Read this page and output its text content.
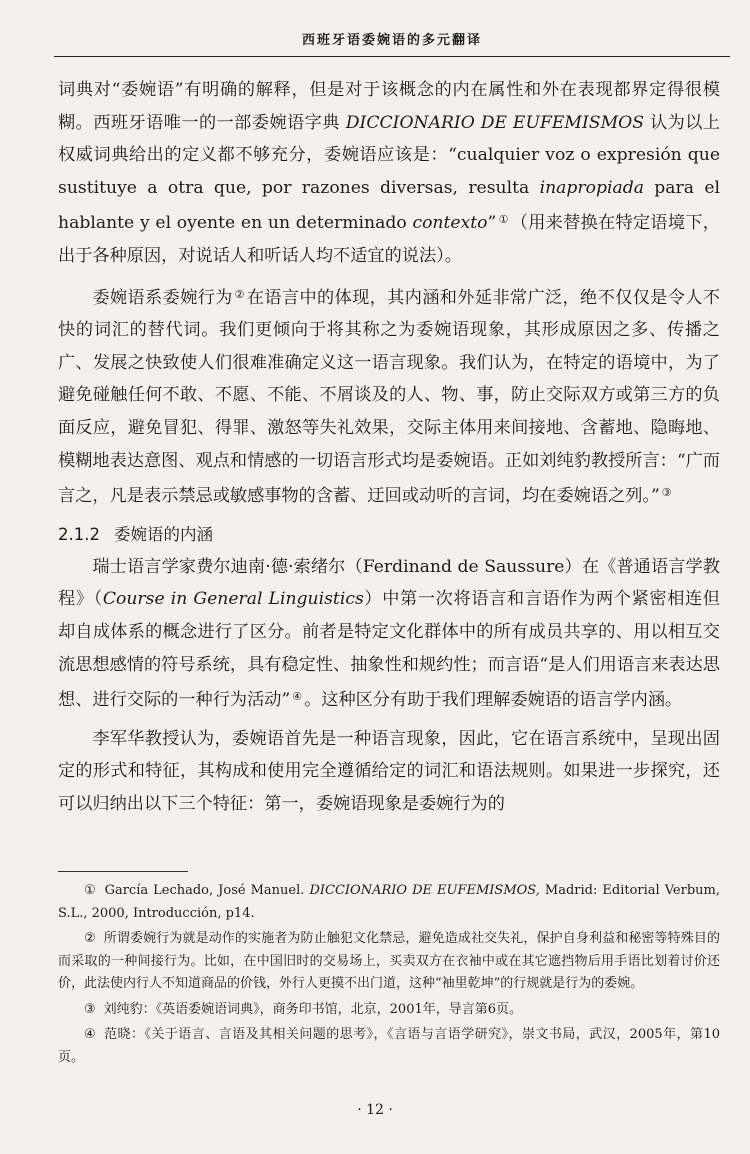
西班牙语委婉语的多元翻译

词典对“委婉语”有明确的解释，但是对于该概念的内在属性和外在表现都界定得很模糊。西班牙语唯一的一部委婉语字典 DICCIONARIO DE EUFEMISMOS 认为以上权威词典给出的定义都不够充分，委婉语应该是：“cualquier voz o expresión que sustituye a otra que, por razones diversas, resulta inapropiada para el hablante y el oyente en un determinado contexto” ① （用来替换在特定语境下，出于各种原因，对说话人和听话人均不适宜的说法）。

委婉语系委婉行为 ② 在语言中的体现，其内涵和外延非常广泛，绝不仅仅是令人不快的词汇的替代词。我们更倾向于将其称之为委婉语现象，其形成原因之多、传播之广、发展之快致使人们很难准确定义这一语言现象。我们认为，在特定的语境中，为了避免碰触任何不敢、不愿、不能、不屑谈及的人、物、事，防止交际双方或第三方的负面反应，避免冒犯、得罪、激怒等失礼效果，交际主体用来间接地、含蓄地、隐晦地、模糊地表达意图、观点和情感的一切语言形式均是委婉语。正如刘纯豹教授所言：“广而言之，凡是表示禁忌或敏感事物的含蓄、迂回或动听的言词，均在委婉语之列。” ③

2.1.2 委婉语的内涵

瑞士语言学家费尔迪南·德·索绪尔（Ferdinand de Saussure）在《普通语言学教程》（Course in General Linguistics）中第一次将语言和言语作为两个紧密相连但却自成体系的概念进行了区分。前者是特定文化群体中的所有成员共享的、用以相互交流思想感情的符号系统，具有稳定性、抽象性和规约性；而言语“是人们用语言来表达思想、进行交际的一种行为活动” ④ 。这种区分有助于我们理解委婉语的语言学内涵。

李军华教授认为，委婉语首先是一种语言现象，因此，它在语言系统中，呈现出固定的形式和特征，其构成和使用完全遵循给定的词汇和语法规则。如果进一步探究，还可以归纳出以下三个特征：第一，委婉语现象是委婉行为的

① García Lechado, José Manuel. DICCIONARIO DE EUFEMISMOS, Madrid: Editorial Verbum, S.L., 2000, Introducción, p14.

② 所谓委婉行为就是动作的实施者为防止触犯文化禁忌，避免造成社交失礼，保护自身利益和秘密等特殊目的而采取的一种间接行为。比如，在中国旧时的交易场上，买卖双方在衣袖中或在其它遮挡物后用手语比划着讨价还价，此法使内行人不知道商品的价钱，外行人更摸不出门道，这种“袖里乾坤”的行规就是行为的委婉。

③ 刘纯豹：《英语委婉语词典》，商务印书馆，北京，2001年，导言第6页。

④ 范晓：《关于语言、言语及其相关问题的思考》，《言语与言语学研究》，崇文书局，武汉，2005年，第10页。

· 12 ·
